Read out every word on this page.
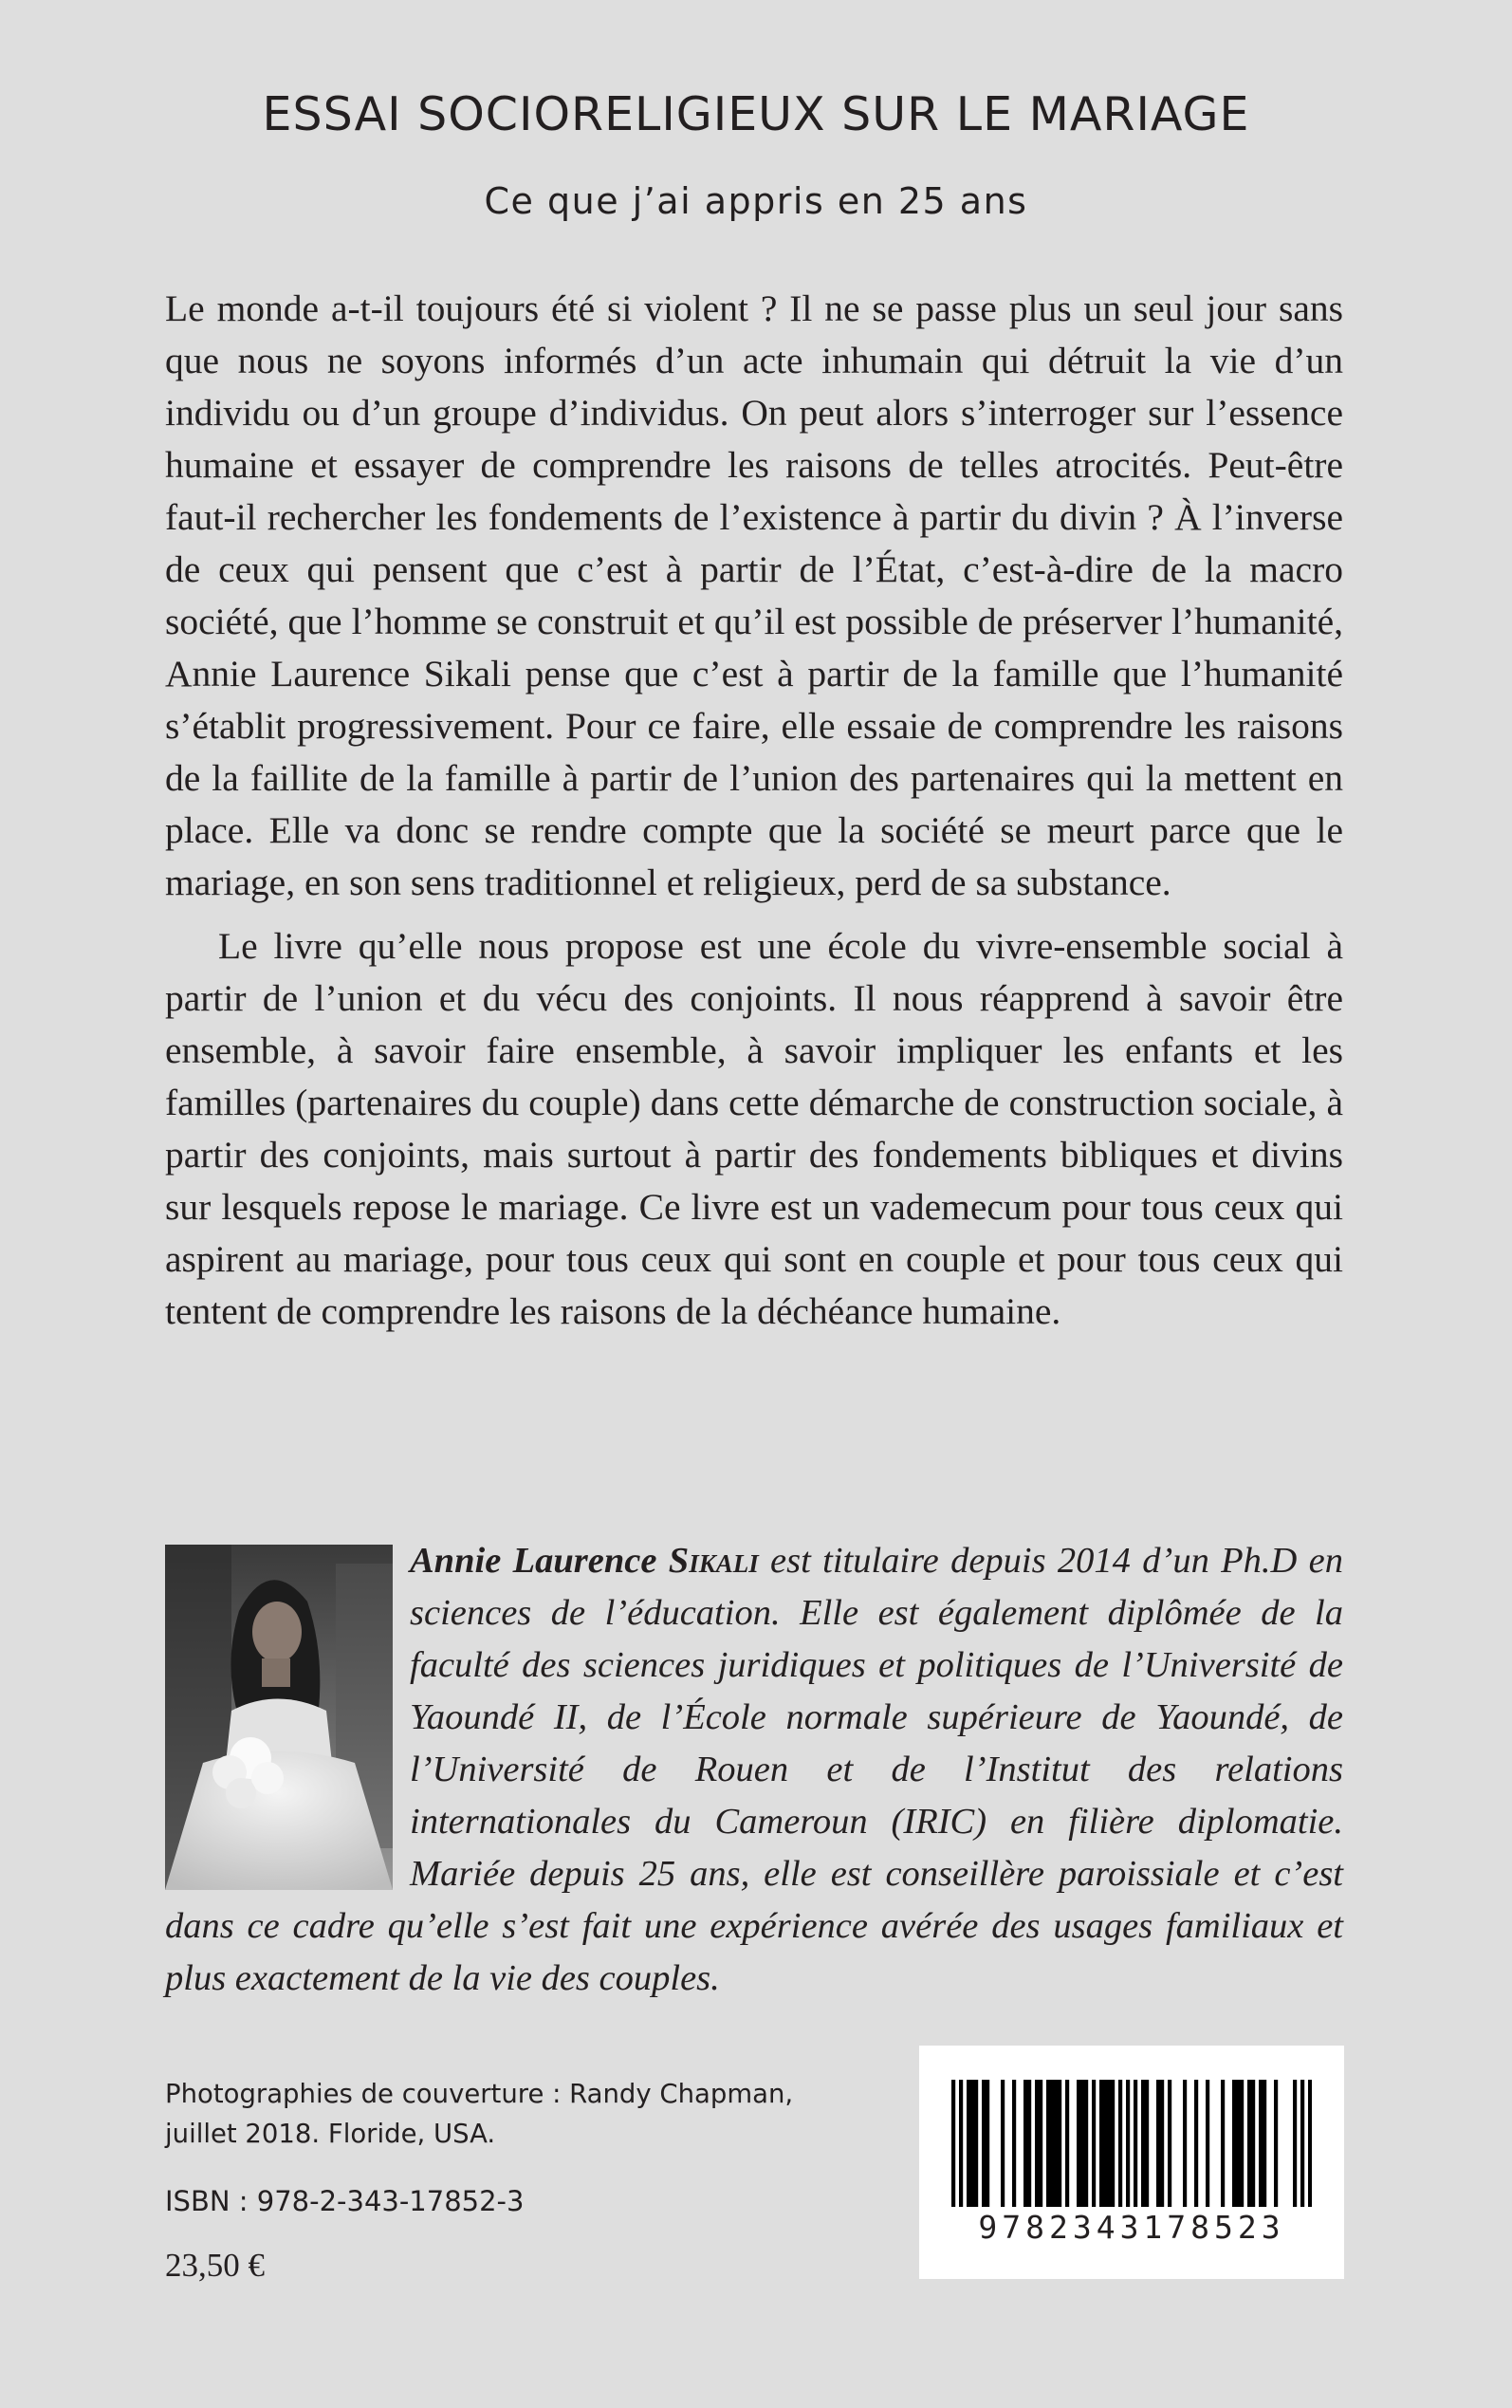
ESSAI SOCIORELIGIEUX SUR LE MARIAGE
Ce que j’ai appris en 25 ans

Le monde a-t-il toujours été si violent ? Il ne se passe plus un seul jour sans que nous ne soyons informés d’un acte inhumain qui détruit la vie d’un individu ou d’un groupe d’individus. On peut alors s’interroger sur l’essence humaine et essayer de comprendre les raisons de telles atrocités. Peut-être faut-il rechercher les fondements de l’existence à partir du divin ? À l’inverse de ceux qui pensent que c’est à partir de l’État, c’est-à-dire de la macro société, que l’homme se construit et qu’il est possible de préserver l’humanité, Annie Laurence Sikali pense que c’est à partir de la famille que l’humanité s’établit progressivement. Pour ce faire, elle essaie de comprendre les raisons de la faillite de la famille à partir de l’union des partenaires qui la mettent en place. Elle va donc se rendre compte que la société se meurt parce que le mariage, en son sens traditionnel et religieux, perd de sa substance.

Le livre qu’elle nous propose est une école du vivre-ensemble social à partir de l’union et du vécu des conjoints. Il nous réapprend à savoir être ensemble, à savoir faire ensemble, à savoir impliquer les enfants et les familles (partenaires du couple) dans cette démarche de construction sociale, à partir des conjoints, mais surtout à partir des fondements bibliques et divins sur lesquels repose le mariage. Ce livre est un vademecum pour tous ceux qui aspirent au mariage, pour tous ceux qui sont en couple et pour tous ceux qui tentent de comprendre les raisons de la déchéance humaine.

Annie Laurence Sikali est titulaire depuis 2014 d’un Ph.D en sciences de l’éducation. Elle est également diplômée de la faculté des sciences juridiques et politiques de l’Université de Yaoundé II, de l’École normale supérieure de Yaoundé, de l’Université de Rouen et de l’Institut des relations internationales du Cameroun (IRIC) en filière diplomatie. Mariée depuis 25 ans, elle est conseillère paroissiale et c’est dans ce cadre qu’elle s’est fait une expérience avérée des usages familiaux et plus exactement de la vie des couples.

Photographies de couverture : Randy Chapman, juillet 2018. Floride, USA.

ISBN : 978-2-343-17852-3

23,50 €

9782343178523
